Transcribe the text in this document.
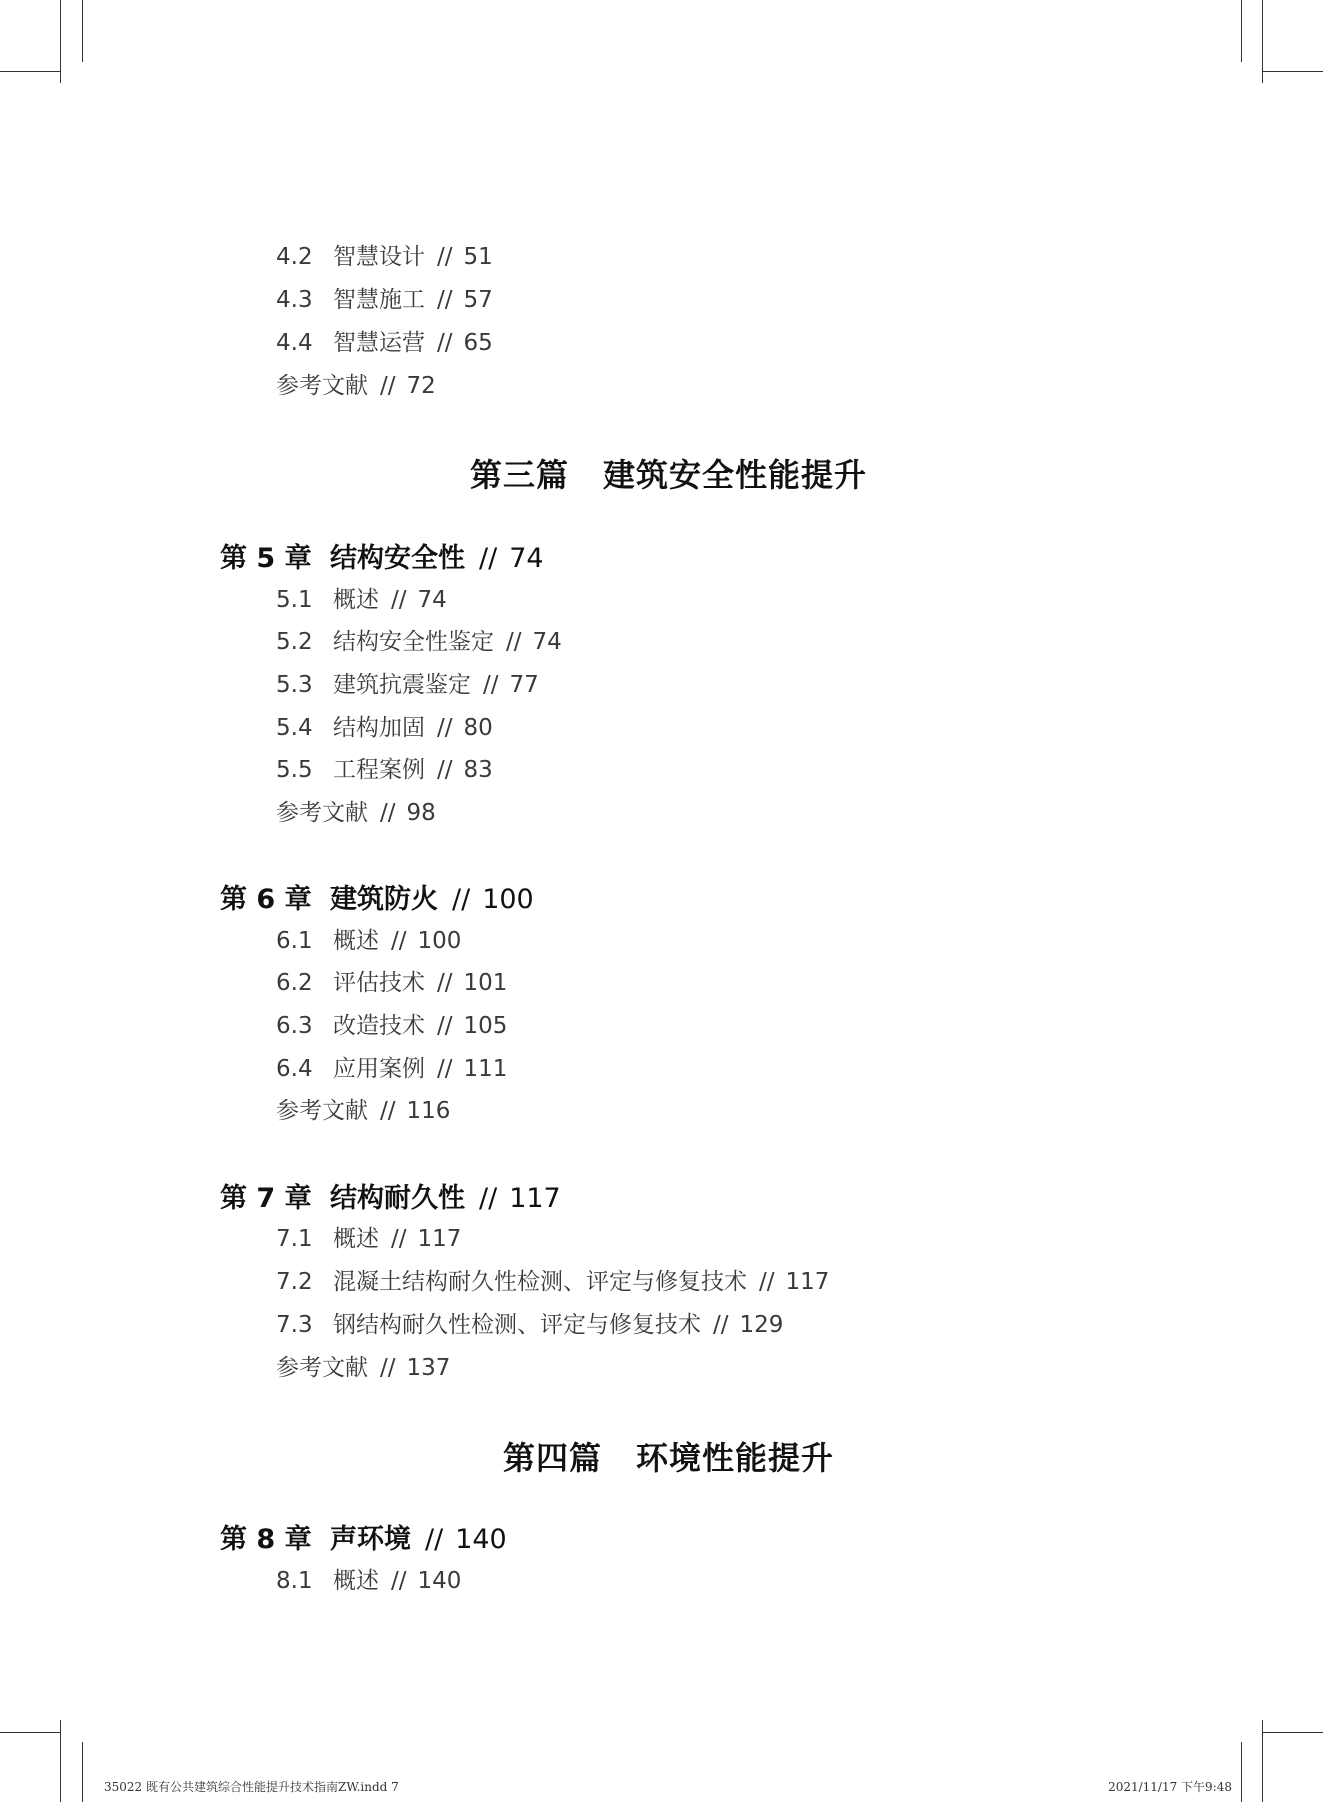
4.2 智慧设计 // 51
4.3 智慧施工 // 57
4.4 智慧运营 // 65
参考文献 // 72
第三篇 建筑安全性能提升
第 5 章 结构安全性 // 74
5.1 概述 // 74
5.2 结构安全性鉴定 // 74
5.3 建筑抗震鉴定 // 77
5.4 结构加固 // 80
5.5 工程案例 // 83
参考文献 // 98
第 6 章 建筑防火 // 100
6.1 概述 // 100
6.2 评估技术 // 101
6.3 改造技术 // 105
6.4 应用案例 // 111
参考文献 // 116
第 7 章 结构耐久性 // 117
7.1 概述 // 117
7.2 混凝土结构耐久性检测、评定与修复技术 // 117
7.3 钢结构耐久性检测、评定与修复技术 // 129
参考文献 // 137
第四篇 环境性能提升
第 8 章 声环境 // 140
8.1 概述 // 140
35022 既有公共建筑综合性能提升技术指南ZW.indd 7	2021/11/17 下午9:48
